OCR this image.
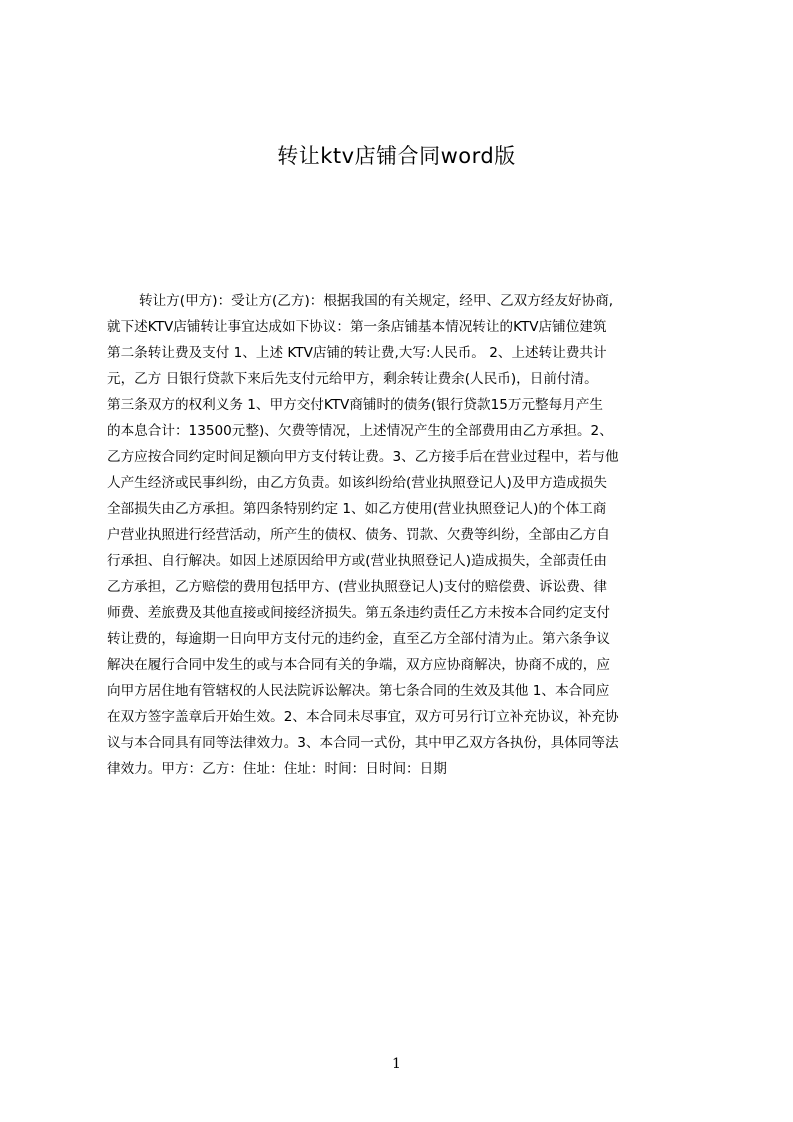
转让ktv店铺合同word版
转让方(甲方)：受让方(乙方)：根据我国的有关规定，经甲、乙双方经友好协商,
就下述KTV店铺转让事宜达成如下协议：第一条店铺基本情况转让的KTV店铺位建筑
第二条转让费及支付 1、上述 KTV店铺的转让费,大写:人民币。 2、上述转让费共计
元，乙方 日银行贷款下来后先支付元给甲方，剩余转让费余(人民币)，日前付清。
第三条双方的权利义务 1、甲方交付KTV商铺时的债务(银行贷款15万元整每月产生
的本息合计：13500元整)、欠费等情况，上述情况产生的全部费用由乙方承担。2、
乙方应按合同约定时间足额向甲方支付转让费。3、乙方接手后在营业过程中，若与他
人产生经济或民事纠纷，由乙方负责。如该纠纷给(营业执照登记人)及甲方造成损失
全部损失由乙方承担。第四条特别约定 1、如乙方使用(营业执照登记人)的个体工商
户营业执照进行经营活动，所产生的债权、债务、罚款、欠费等纠纷，全部由乙方自
行承担、自行解决。如因上述原因给甲方或(营业执照登记人)造成损失，全部责任由
乙方承担，乙方赔偿的费用包括甲方、(营业执照登记人)支付的赔偿费、诉讼费、律
师费、差旅费及其他直接或间接经济损失。第五条违约责任乙方未按本合同约定支付
转让费的，每逾期一日向甲方支付元的违约金，直至乙方全部付清为止。第六条争议
解决在履行合同中发生的或与本合同有关的争端，双方应协商解决，协商不成的，应
向甲方居住地有管辖权的人民法院诉讼解决。第七条合同的生效及其他 1、本合同应
在双方签字盖章后开始生效。2、本合同未尽事宜，双方可另行订立补充协议，补充协
议与本合同具有同等法律效力。3、本合同一式份，其中甲乙双方各执份，具体同等法
律效力。甲方：乙方：住址：住址：时间：日时间：日期
1
